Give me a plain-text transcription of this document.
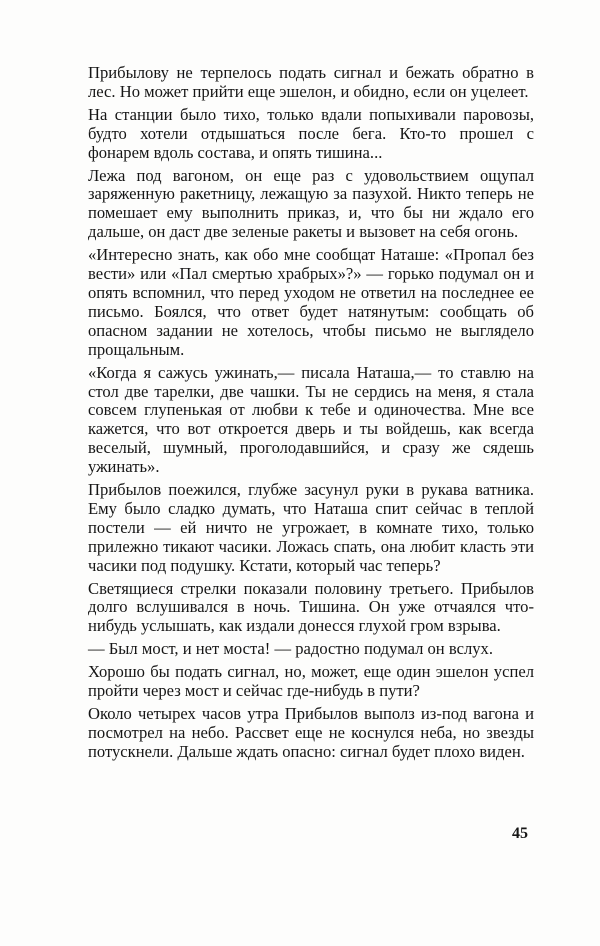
Прибылову не терпелось подать сигнал и бежать обратно в лес. Но может прийти еще эшелон, и обидно, если он уцелеет.

На станции было тихо, только вдали попыхивали паровозы, будто хотели отдышаться после бега. Кто-то прошел с фонарем вдоль состава, и опять тишина...

Лежа под вагоном, он еще раз с удовольствием ощупал заряженную ракетницу, лежащую за пазухой. Никто теперь не помешает ему выполнить приказ, и, что бы ни ждало его дальше, он даст две зеленые ракеты и вызовет на себя огонь.

«Интересно знать, как обо мне сообщат Наташе: «Пропал без вести» или «Пал смертью храбрых»?» — горько подумал он и опять вспомнил, что перед уходом не ответил на последнее ее письмо. Боялся, что ответ будет натянутым: сообщать об опасном задании не хотелось, чтобы письмо не выглядело прощальным.

«Когда я сажусь ужинать,— писала Наташа,— то ставлю на стол две тарелки, две чашки. Ты не сердись на меня, я стала совсем глупенькая от любви к тебе и одиночества. Мне все кажется, что вот откроется дверь и ты войдешь, как всегда веселый, шумный, проголодавшийся, и сразу же сядешь ужинать».

Прибылов поежился, глубже засунул руки в рукава ватника. Ему было сладко думать, что Наташа спит сейчас в теплой постели — ей ничто не угрожает, в комнате тихо, только прилежно тикают часики. Ложась спать, она любит класть эти часики под подушку. Кстати, который час теперь?

Светящиеся стрелки показали половину третьего. Прибылов долго вслушивался в ночь. Тишина. Он уже отчаялся что-нибудь услышать, как издали донесся глухой гром взрыва.

— Был мост, и нет моста! — радостно подумал он вслух.

Хорошо бы подать сигнал, но, может, еще один эшелон успел пройти через мост и сейчас где-нибудь в пути?

Около четырех часов утра Прибылов выполз из-под вагона и посмотрел на небо. Рассвет еще не коснулся неба, но звезды потускнели. Дальше ждать опасно: сигнал будет плохо виден.

45
